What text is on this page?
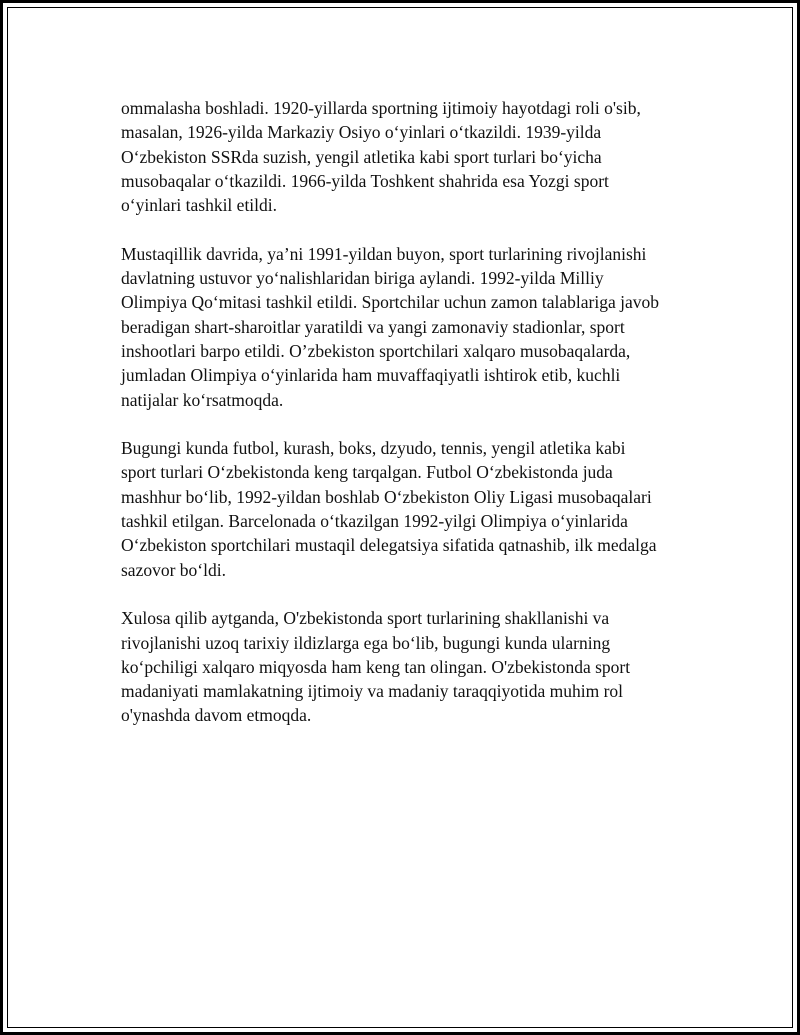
ommalasha boshladi. 1920-yillarda sportning ijtimoiy hayotdagi roli o'sib,
masalan, 1926-yilda Markaziy Osiyo o‘yinlari o‘tkazildi. 1939-yilda
O‘zbekiston SSRda suzish, yengil atletika kabi sport turlari bo‘yicha
musobaqalar o‘tkazildi. 1966-yilda Toshkent shahrida esa Yozgi sport
o‘yinlari tashkil etildi.

Mustaqillik davrida, ya’ni 1991-yildan buyon, sport turlarining rivojlanishi
davlatning ustuvor yo‘nalishlaridan biriga aylandi. 1992-yilda Milliy
Olimpiya Qo‘mitasi tashkil etildi. Sportchilar uchun zamon talablariga javob
beradigan shart-sharoitlar yaratildi va yangi zamonaviy stadionlar, sport
inshootlari barpo etildi. O’zbekiston sportchilari xalqaro musobaqalarda,
jumladan Olimpiya o‘yinlarida ham muvaffaqiyatli ishtirok etib, kuchli
natijalar ko‘rsatmoqda.

Bugungi kunda futbol, kurash, boks, dzyudo, tennis, yengil atletika kabi
sport turlari O‘zbekistonda keng tarqalgan. Futbol O‘zbekistonda juda
mashhur bo‘lib, 1992-yildan boshlab O‘zbekiston Oliy Ligasi musobaqalari
tashkil etilgan. Barcelonada o‘tkazilgan 1992-yilgi Olimpiya o‘yinlarida
O‘zbekiston sportchilari mustaqil delegatsiya sifatida qatnashib, ilk medalga
sazovor bo‘ldi.

Xulosa qilib aytganda, O'zbekistonda sport turlarining shakllanishi va
rivojlanishi uzoq tarixiy ildizlarga ega bo‘lib, bugungi kunda ularning
ko‘pchiligi xalqaro miqyosda ham keng tan olingan. O'zbekistonda sport
madaniyati mamlakatning ijtimoiy va madaniy taraqqiyotida muhim rol
o'ynashda davom etmoqda.
